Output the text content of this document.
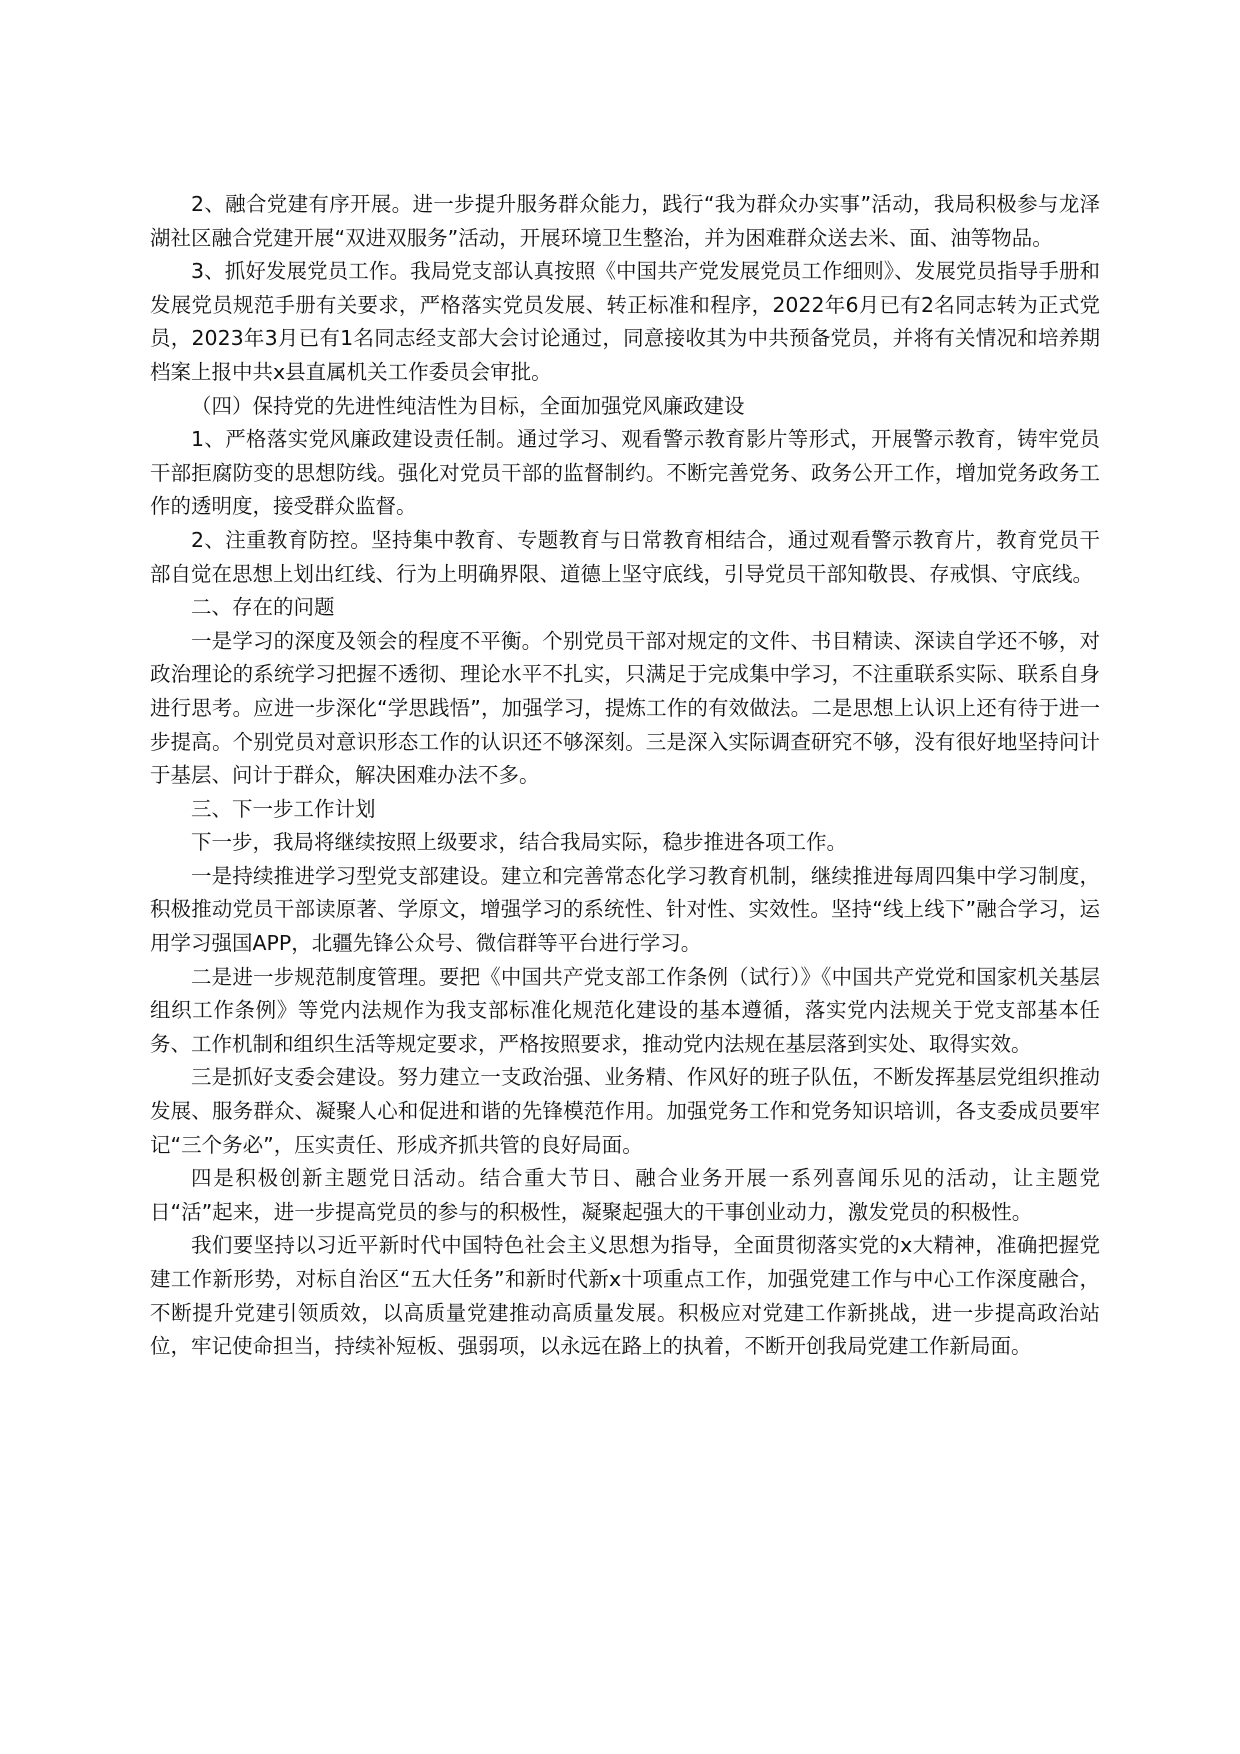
2、融合党建有序开展。进一步提升服务群众能力，践行“我为群众办实事”活动，我局积极参与龙泽湖社区融合党建开展“双进双服务”活动，开展环境卫生整治，并为困难群众送去米、面、油等物品。

3、抓好发展党员工作。我局党支部认真按照《中国共产党发展党员工作细则》、发展党员指导手册和发展党员规范手册有关要求，严格落实党员发展、转正标准和程序，2022年6月已有2名同志转为正式党员，2023年3月已有1名同志经支部大会讨论通过，同意接收其为中共预备党员，并将有关情况和培养期档案上报中共x县直属机关工作委员会审批。

（四）保持党的先进性纯洁性为目标，全面加强党风廉政建设

1、严格落实党风廉政建设责任制。通过学习、观看警示教育影片等形式，开展警示教育，铸牢党员干部拒腐防变的思想防线。强化对党员干部的监督制约。不断完善党务、政务公开工作，增加党务政务工作的透明度，接受群众监督。

2、注重教育防控。坚持集中教育、专题教育与日常教育相结合，通过观看警示教育片，教育党员干部自觉在思想上划出红线、行为上明确界限、道德上坚守底线，引导党员干部知敬畏、存戒惧、守底线。

二、存在的问题

一是学习的深度及领会的程度不平衡。个别党员干部对规定的文件、书目精读、深读自学还不够，对政治理论的系统学习把握不透彻、理论水平不扎实，只满足于完成集中学习，不注重联系实际、联系自身进行思考。应进一步深化“学思践悟”，加强学习，提炼工作的有效做法。二是思想上认识上还有待于进一步提高。个别党员对意识形态工作的认识还不够深刻。三是深入实际调查研究不够，没有很好地坚持问计于基层、问计于群众，解决困难办法不多。

三、下一步工作计划

下一步，我局将继续按照上级要求，结合我局实际，稳步推进各项工作。

一是持续推进学习型党支部建设。建立和完善常态化学习教育机制，继续推进每周四集中学习制度，积极推动党员干部读原著、学原文，增强学习的系统性、针对性、实效性。坚持“线上线下”融合学习，运用学习强国APP，北疆先锋公众号、微信群等平台进行学习。

二是进一步规范制度管理。要把《中国共产党支部工作条例（试行）》《中国共产党党和国家机关基层组织工作条例》等党内法规作为我支部标准化规范化建设的基本遵循，落实党内法规关于党支部基本任务、工作机制和组织生活等规定要求，严格按照要求，推动党内法规在基层落到实处、取得实效。

三是抓好支委会建设。努力建立一支政治强、业务精、作风好的班子队伍，不断发挥基层党组织推动发展、服务群众、凝聚人心和促进和谐的先锋模范作用。加强党务工作和党务知识培训，各支委成员要牢记“三个务必”，压实责任、形成齐抓共管的良好局面。

四是积极创新主题党日活动。结合重大节日、融合业务开展一系列喜闻乐见的活动，让主题党日“活”起来，进一步提高党员的参与的积极性，凝聚起强大的干事创业动力，激发党员的积极性。

我们要坚持以习近平新时代中国特色社会主义思想为指导，全面贯彻落实党的x大精神，准确把握党建工作新形势，对标自治区“五大任务”和新时代新x十项重点工作，加强党建工作与中心工作深度融合，不断提升党建引领质效，以高质量党建推动高质量发展。积极应对党建工作新挑战，进一步提高政治站位，牢记使命担当，持续补短板、强弱项，以永远在路上的执着，不断开创我局党建工作新局面。
